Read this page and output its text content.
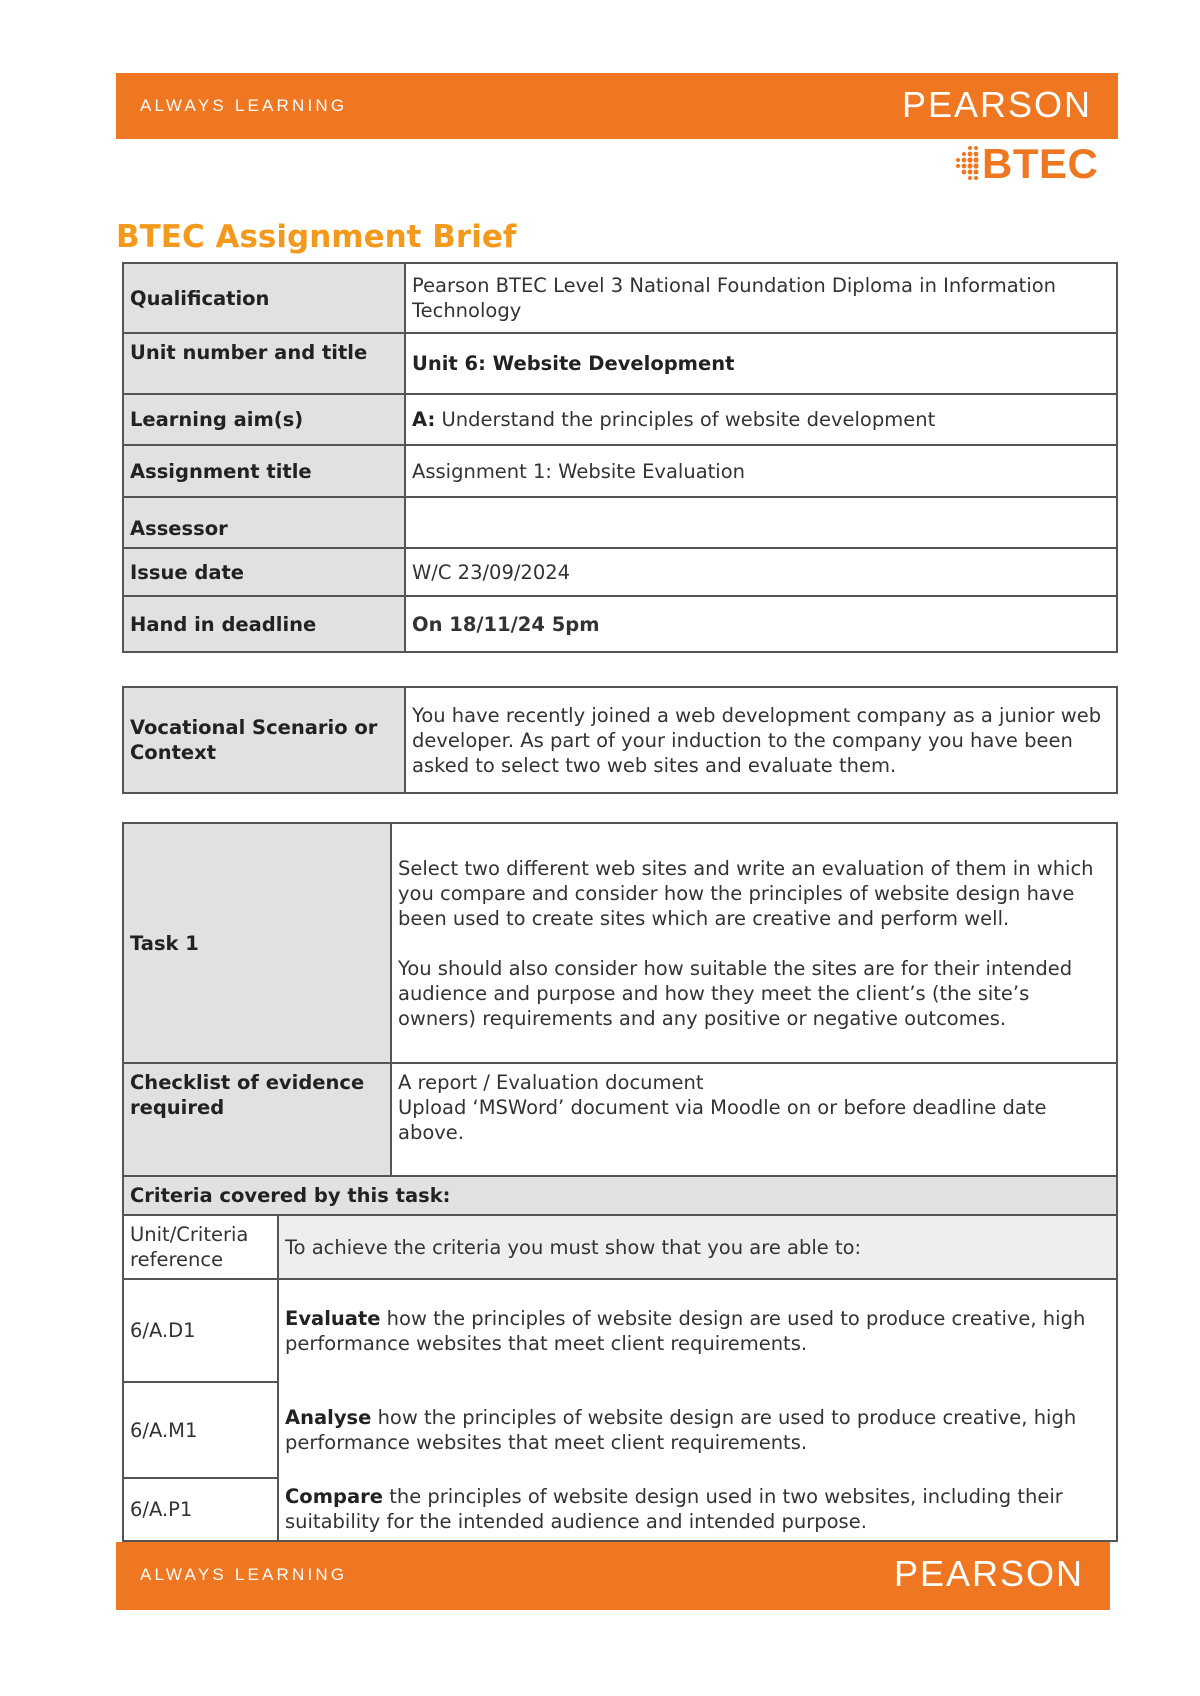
ALWAYS LEARNING	PEARSON
BTEC
BTEC Assignment Brief
Qualification	Pearson BTEC Level 3 National Foundation Diploma in Information Technology
Unit number and title	Unit 6: Website Development
Learning aim(s)	A: Understand the principles of website development
Assignment title	Assignment 1: Website Evaluation
Assessor	
Issue date	W/C 23/09/2024
Hand in deadline	On 18/11/24 5pm
Vocational Scenario or Context	You have recently joined a web development company as a junior web developer. As part of your induction to the company you have been asked to select two web sites and evaluate them.
Task 1		Select two different web sites and write an evaluation of them in which you compare and consider how the principles of website design have been used to create sites which are creative and perform well.

You should also consider how suitable the sites are for their intended audience and purpose and how they meet the client’s (the site’s owners) requirements and any positive or negative outcomes.

Checklist of evidence required		A report / Evaluation document
Upload ‘MSWord’ document via Moodle on or before deadline date above.

Criteria covered by this task:		
Unit/Criteria reference	To achieve the criteria you must show that you are able to:	
6/A.D1	Evaluate how the principles of website design are used to produce creative, high performance websites that meet client requirements.	
6/A.M1	Analyse how the principles of website design are used to produce creative, high performance websites that meet client requirements.	
6/A.P1	Compare the principles of website design used in two websites, including their suitability for the intended audience and intended purpose.	
ALWAYS LEARNING	PEARSON
